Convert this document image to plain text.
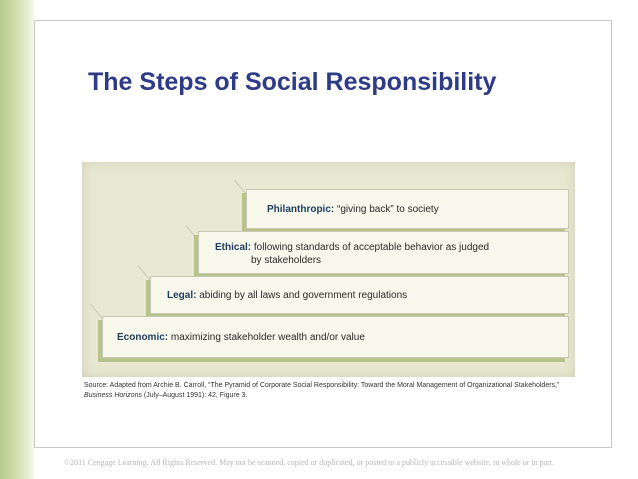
The Steps of Social Responsibility
Philanthropic: “giving back” to society
Ethical: following standards of acceptable behavior as judged
by stakeholders
Legal: abiding by all laws and government regulations
Economic: maximizing stakeholder wealth and/or value
Source: Adapted from Archie B. Carroll, “The Pyramid of Corporate Social Responsibility: Toward the Moral Management of Organizational Stakeholders,” Business Horizons (July–August 1991): 42, Figure 3.
©2011 Cengage Learning. All Rights Reserved. May not be scanned, copied or duplicated, or posted to a publicly accessible website, in whole or in part.
